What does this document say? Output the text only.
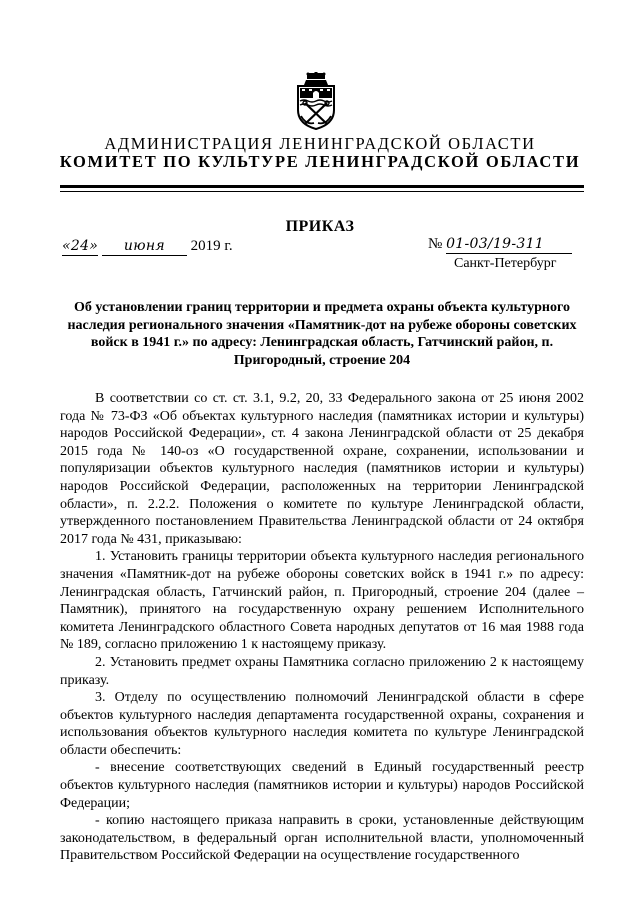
АДМИНИСТРАЦИЯ ЛЕНИНГРАДСКОЙ ОБЛАСТИ
КОМИТЕТ ПО КУЛЬТУРЕ ЛЕНИНГРАДСКОЙ ОБЛАСТИ
ПРИКАЗ
«24» июня 2019 г.	№ 01-03/19-311
Санкт-Петербург
Об установлении границ территории и предмета охраны объекта культурного наследия регионального значения «Памятник-дот на рубеже обороны советских войск в 1941 г.» по адресу: Ленинградская область, Гатчинский район, п. Пригородный, строение 204

В соответствии со ст. ст. 3.1, 9.2, 20, 33 Федерального закона от 25 июня 2002 года № 73-ФЗ «Об объектах культурного наследия (памятниках истории и культуры) народов Российской Федерации», ст. 4 закона Ленинградской области от 25 декабря 2015 года № 140-оз «О государственной охране, сохранении, использовании и популяризации объектов культурного наследия (памятников истории и культуры) народов Российской Федерации, расположенных на территории Ленинградской области», п. 2.2.2. Положения о комитете по культуре Ленинградской области, утвержденного постановлением Правительства Ленинградской области от 24 октября 2017 года № 431, приказываю:

1. Установить границы территории объекта культурного наследия регионального значения «Памятник-дот на рубеже обороны советских войск в 1941 г.» по адресу: Ленинградская область, Гатчинский район, п. Пригородный, строение 204 (далее – Памятник), принятого на государственную охрану решением Исполнительного комитета Ленинградского областного Совета народных депутатов от 16 мая 1988 года № 189, согласно приложению 1 к настоящему приказу.

2. Установить предмет охраны Памятника согласно приложению 2 к настоящему приказу.

3. Отделу по осуществлению полномочий Ленинградской области в сфере объектов культурного наследия департамента государственной охраны, сохранения и использования объектов культурного наследия комитета по культуре Ленинградской области обеспечить:

- внесение соответствующих сведений в Единый государственный реестр объектов культурного наследия (памятников истории и культуры) народов Российской Федерации;

- копию настоящего приказа направить в сроки, установленные действующим законодательством, в федеральный орган исполнительной власти, уполномоченный Правительством Российской Федерации на осуществление государственного
